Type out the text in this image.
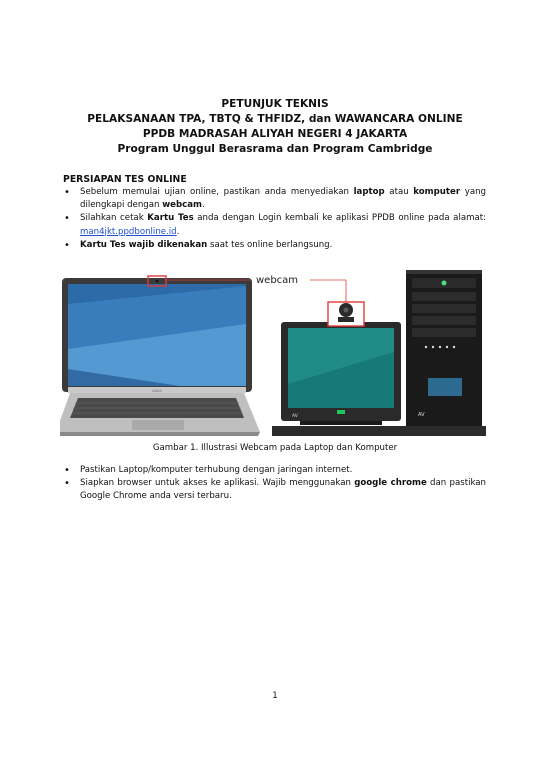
PETUNJUK TEKNIS

PELAKSANAAN TPA, TBTQ & THFIDZ, dan WAWANCARA ONLINE

PPDB MADRASAH ALIYAH NEGERI 4 JAKARTA

Program Unggul Berasrama dan Program Cambridge

PERSIAPAN TES ONLINE
• Sebelum memulai ujian online, pastikan anda menyediakan laptop atau komputer yang dilengkapi dengan webcam.
• Silahkan cetak Kartu Tes anda dengan Login kembali ke aplikasi PPDB online pada alamat: man4jkt.ppdbonline.id.
• Kartu Tes wajib dikenakan saat tes online berlangsung.
ASUS
webcam
AV	AV
Gambar 1. Illustrasi Webcam pada Laptop dan Komputer
• Pastikan Laptop/komputer terhubung dengan jaringan internet.
• Siapkan browser untuk akses ke aplikasi. Wajib menggunakan google chrome dan pastikan Google Chrome anda versi terbaru.
1
